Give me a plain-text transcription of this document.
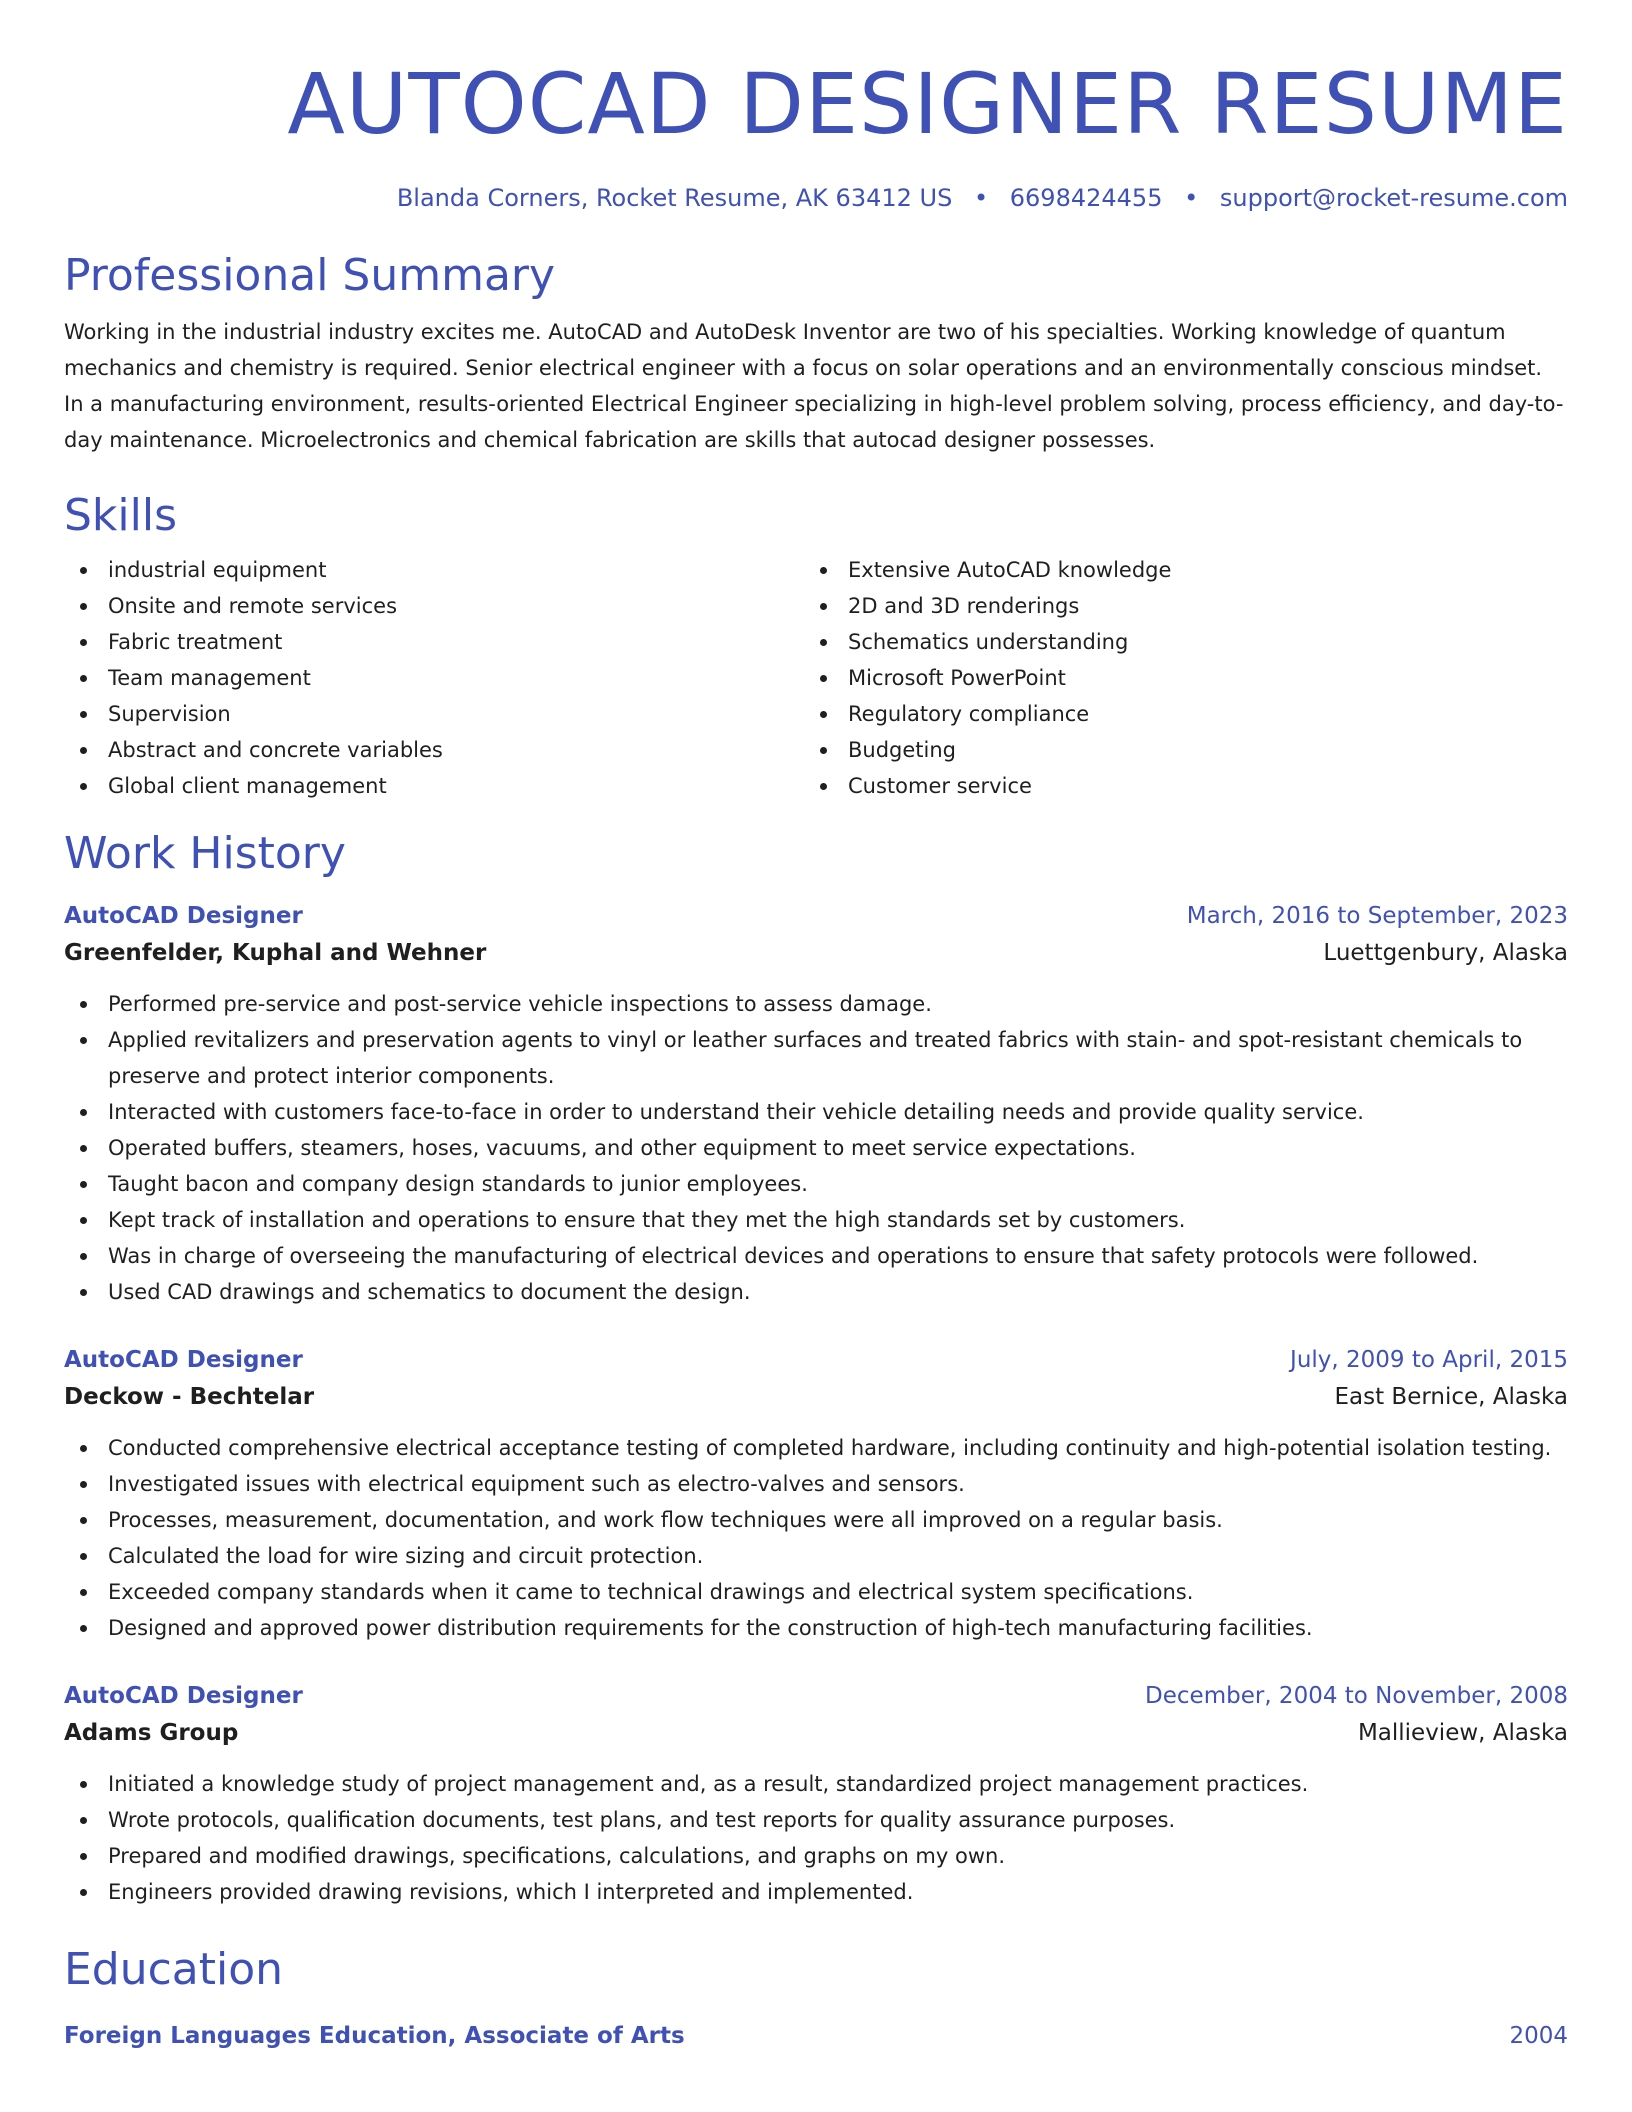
AUTOCAD DESIGNER RESUME
Blanda Corners, Rocket Resume, AK 63412 US • 6698424455 • support@rocket-resume.com
Professional Summary
Working in the industrial industry excites me. AutoCAD and AutoDesk Inventor are two of his specialties. Working knowledge of quantum mechanics and chemistry is required. Senior electrical engineer with a focus on solar operations and an environmentally conscious mindset. In a manufacturing environment, results-oriented Electrical Engineer specializing in high-level problem solving, process efficiency, and day-to-day maintenance. Microelectronics and chemical fabrication are skills that autocad designer possesses.
Skills
industrial equipment
Onsite and remote services
Fabric treatment
Team management
Supervision
Abstract and concrete variables
Global client management
Extensive AutoCAD knowledge
2D and 3D renderings
Schematics understanding
Microsoft PowerPoint
Regulatory compliance
Budgeting
Customer service
Work History
AutoCAD Designer	March, 2016 to September, 2023
Greenfelder, Kuphal and Wehner	Luettgenbury, Alaska
Performed pre-service and post-service vehicle inspections to assess damage.
Applied revitalizers and preservation agents to vinyl or leather surfaces and treated fabrics with stain- and spot-resistant chemicals to preserve and protect interior components.
Interacted with customers face-to-face in order to understand their vehicle detailing needs and provide quality service.
Operated buffers, steamers, hoses, vacuums, and other equipment to meet service expectations.
Taught bacon and company design standards to junior employees.
Kept track of installation and operations to ensure that they met the high standards set by customers.
Was in charge of overseeing the manufacturing of electrical devices and operations to ensure that safety protocols were followed.
Used CAD drawings and schematics to document the design.
AutoCAD Designer	July, 2009 to April, 2015
Deckow - Bechtelar	East Bernice, Alaska
Conducted comprehensive electrical acceptance testing of completed hardware, including continuity and high-potential isolation testing.
Investigated issues with electrical equipment such as electro-valves and sensors.
Processes, measurement, documentation, and work flow techniques were all improved on a regular basis.
Calculated the load for wire sizing and circuit protection.
Exceeded company standards when it came to technical drawings and electrical system specifications.
Designed and approved power distribution requirements for the construction of high-tech manufacturing facilities.
AutoCAD Designer	December, 2004 to November, 2008
Adams Group	Mallieview, Alaska
Initiated a knowledge study of project management and, as a result, standardized project management practices.
Wrote protocols, qualification documents, test plans, and test reports for quality assurance purposes.
Prepared and modified drawings, specifications, calculations, and graphs on my own.
Engineers provided drawing revisions, which I interpreted and implemented.
Education
Foreign Languages Education, Associate of Arts	2004
